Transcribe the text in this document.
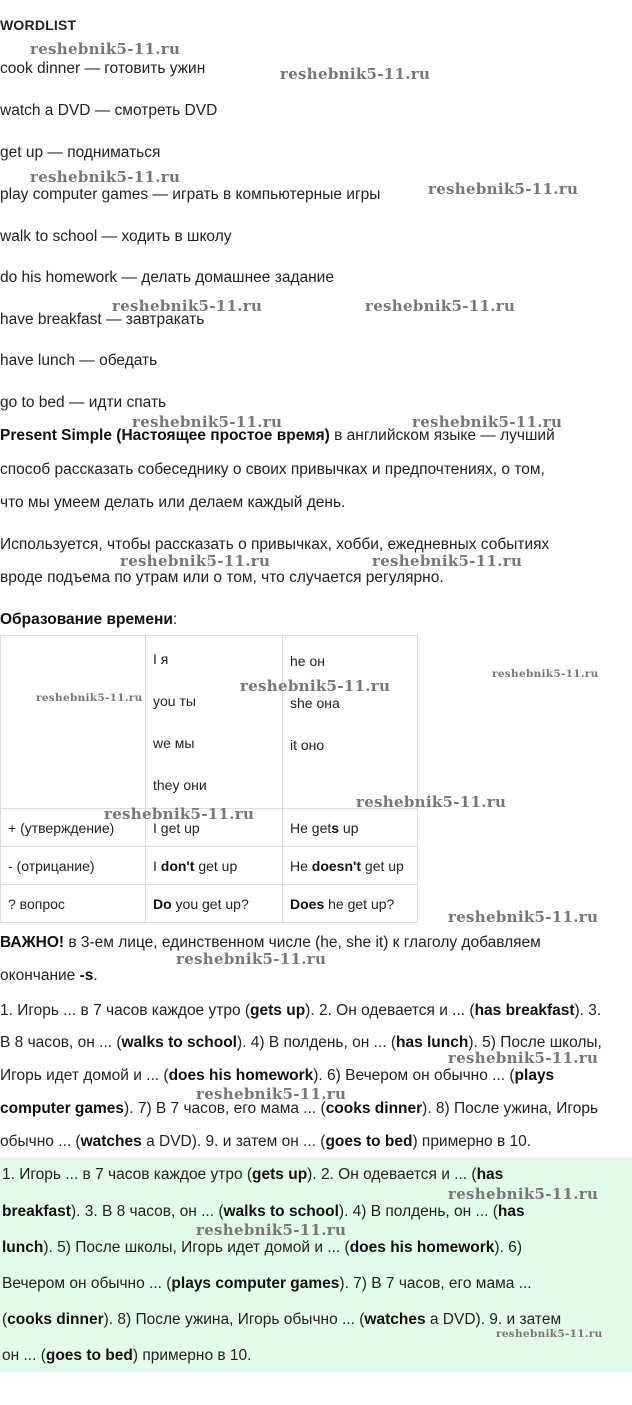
WORDLIST
cook dinner — готовить ужин
watch a DVD — смотреть DVD
get up — подниматься
play computer games — играть в компьютерные игры
walk to school — ходить в школу
do his homework — делать домашнее задание
have breakfast — завтракать
have lunch — обедать
go to bed — идти спать
Present Simple (Настоящее простое время) в английском языке — лучший
способ рассказать собеседнику о своих привычках и предпочтениях, о том,
что мы умеем делать или делаем каждый день.
Используется, чтобы рассказать о привычках, хобби, ежедневных событиях
вроде подъема по утрам или о том, что случается регулярно.
Образование времени:

	I я
you ты
we мы
they они	he он
she она
it оно

+ (утверждение)	I get up	He gets up
- (отрицание)	I don't get up	He doesn't get up
? вопрос	Do you get up?	Does he get up?
ВАЖНО! в 3-ем лице, единственном числе (he, she it) к глаголу добавляем
окончание -s.
1. Игорь ... в 7 часов каждое утро (gets up). 2. Он одевается и ... (has breakfast). 3.
В 8 часов, он ... (walks to school). 4) В полдень, он ... (has lunch). 5) После школы,
Игорь идет домой и ... (does his homework). 6) Вечером он обычно ... (plays
computer games). 7) В 7 часов, его мама ... (cooks dinner). 8) После ужина, Игорь
обычно ... (watches a DVD). 9. и затем он ... (goes to bed) примерно в 10.
1. Игорь ... в 7 часов каждое утро (gets up). 2. Он одевается и ... (has
breakfast). 3. В 8 часов, он ... (walks to school). 4) В полдень, он ... (has
lunch). 5) После школы, Игорь идет домой и ... (does his homework). 6)
Вечером он обычно ... (plays computer games). 7) В 7 часов, его мама ...
(cooks dinner). 8) После ужина, Игорь обычно ... (watches a DVD). 9. и затем
он ... (goes to bed) примерно в 10.
reshebnik5-11.ru
reshebnik5-11.ru
reshebnik5-11.ru
reshebnik5-11.ru
reshebnik5-11.ru	reshebnik5-11.ru
reshebnik5-11.ru	reshebnik5-11.ru
reshebnik5-11.ru	reshebnik5-11.ru
reshebnik5-11.ru
reshebnik5-11.ru
reshebnik5-11.ru
reshebnik5-11.ru
reshebnik5-11.ru
reshebnik5-11.ru
reshebnik5-11.ru
reshebnik5-11.ru
reshebnik5-11.ru
reshebnik5-11.ru
reshebnik5-11.ru
reshebnik5-11.ru
